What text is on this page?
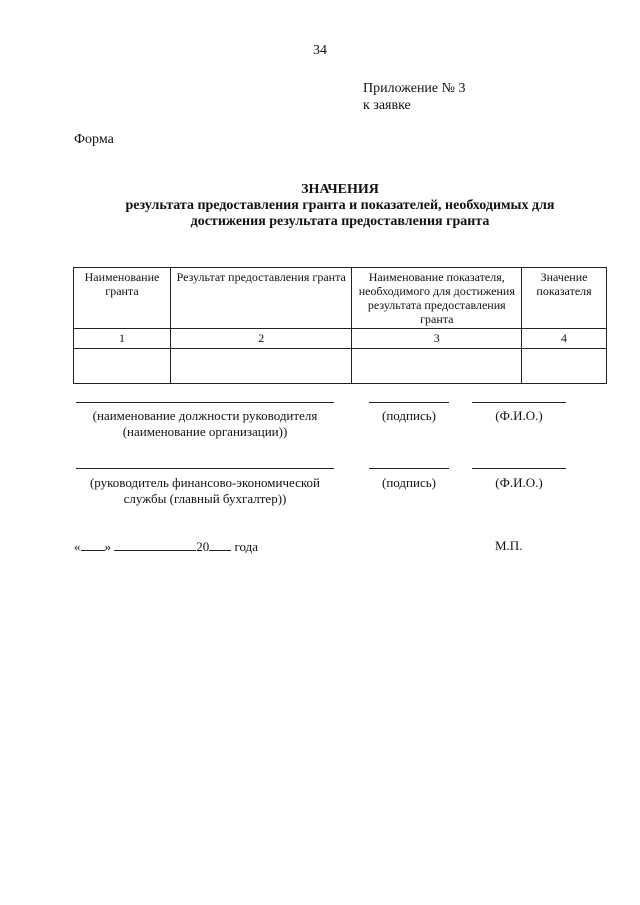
34
Приложение № 3
к заявке
Форма
ЗНАЧЕНИЯ
результата предоставления гранта и показателей, необходимых для
достижения результата предоставления гранта
Наименование гранта	Результат предоставления гранта	Наименование показателя, необходимого для достижения результата предоставления гранта	Значение показателя
1	2	3	4

(наименование должности руководителя
(наименование организации))
(подпись)	(Ф.И.О.)
(руководитель финансово-экономической
службы (главный бухгалтер))
(подпись)	(Ф.И.О.)
« »	20 года	М.П.
